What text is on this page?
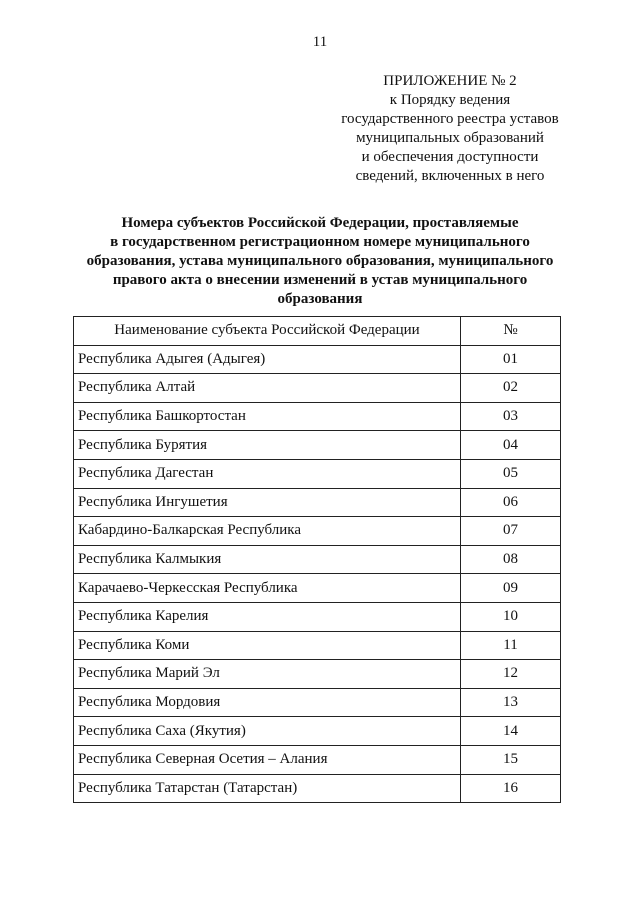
11
ПРИЛОЖЕНИЕ № 2
к Порядку ведения
государственного реестра уставов
муниципальных образований
и обеспечения доступности
сведений, включенных в него
Номера субъектов Российской Федерации, проставляемые
в государственном регистрационном номере муниципального
образования, устава муниципального образования, муниципального
правого акта о внесении изменений в устав муниципального
образования
Наименование субъекта Российской Федерации	№
Республика Адыгея (Адыгея)	01
Республика Алтай	02
Республика Башкортостан	03
Республика Бурятия	04
Республика Дагестан	05
Республика Ингушетия	06
Кабардино-Балкарская Республика	07
Республика Калмыкия	08
Карачаево-Черкесская Республика	09
Республика Карелия	10
Республика Коми	11
Республика Марий Эл	12
Республика Мордовия	13
Республика Саха (Якутия)	14
Республика Северная Осетия – Алания	15
Республика Татарстан (Татарстан)	16
